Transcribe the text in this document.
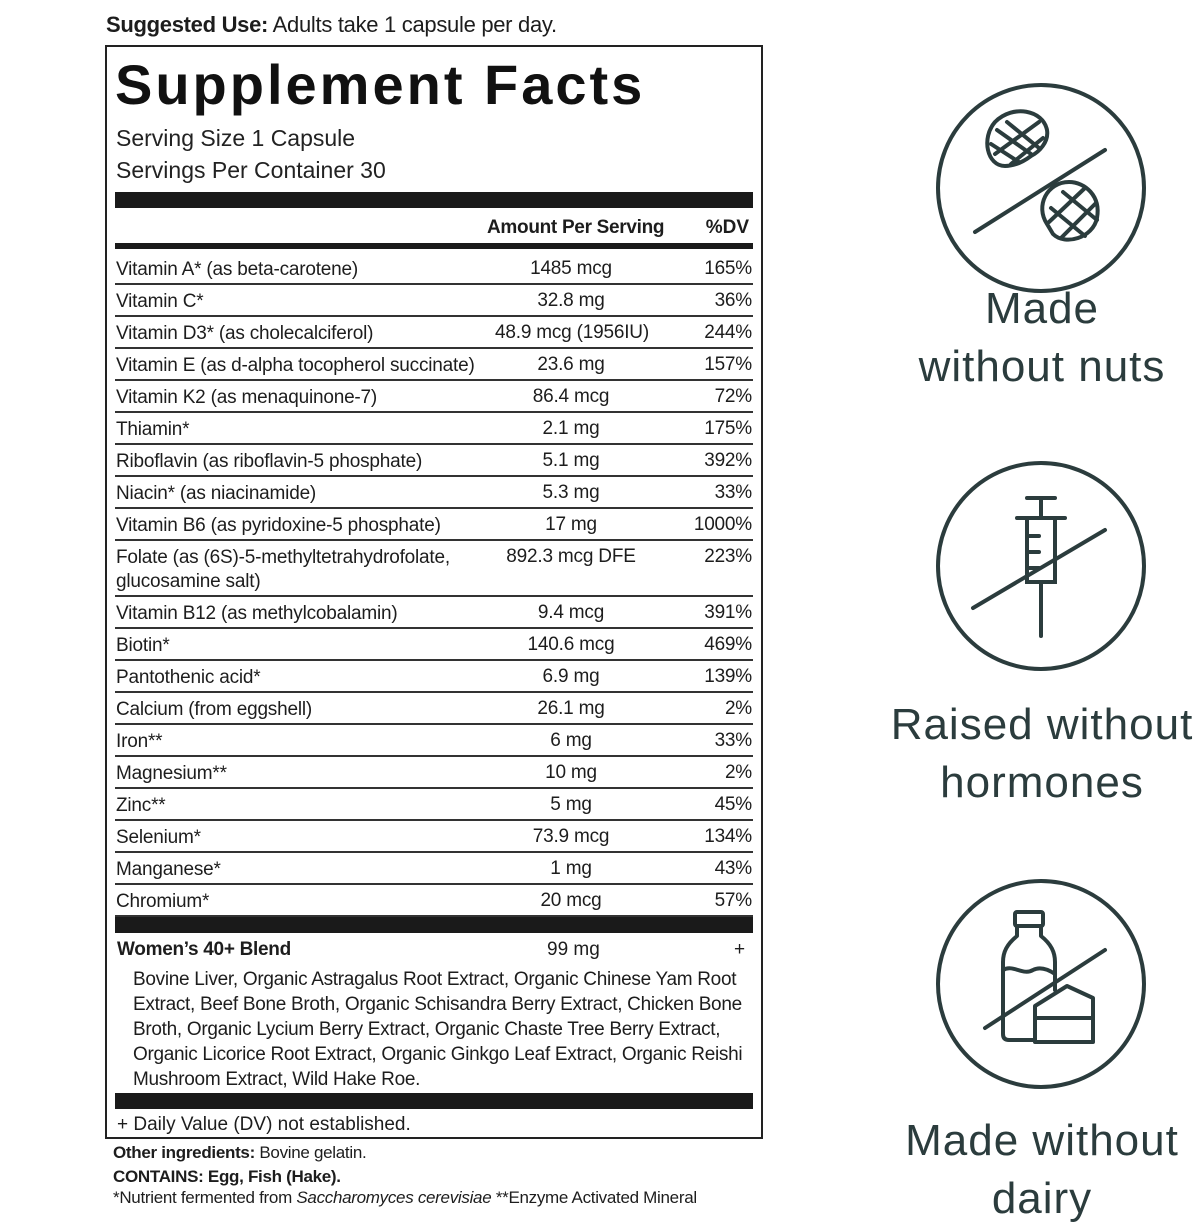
Suggested Use: Adults take 1 capsule per day.
Supplement Facts
Serving Size 1 Capsule
Servings Per Container 30
Amount Per Serving %DV
Vitamin A* (as beta-carotene)	1485 mcg	165%
Vitamin C*	32.8 mg	36%
Vitamin D3* (as cholecalciferol)	48.9 mcg (1956IU)	244%
Vitamin E (as d-alpha tocopherol succinate)	23.6 mg	157%
Vitamin K2 (as menaquinone-7)	86.4 mcg	72%
Thiamin*	2.1 mg	175%
Riboflavin (as riboflavin-5 phosphate)	5.1 mg	392%
Niacin* (as niacinamide)	5.3 mg	33%
Vitamin B6 (as pyridoxine-5 phosphate)	17 mg	1000%
Folate (as (6S)-5-methyltetrahydrofolate, glucosamine salt)
892.3 mcg DFE	223%
Vitamin B12 (as methylcobalamin)	9.4 mcg	391%
Biotin*	140.6 mcg	469%
Pantothenic acid*	6.9 mg	139%
Calcium (from eggshell)	26.1 mg	2%
Iron**	6 mg	33%
Magnesium**	10 mg	2%
Zinc**	5 mg	45%
Selenium*	73.9 mcg	134%
Manganese*	1 mg	43%
Chromium*	20 mcg	57%
Women’s 40+ Blend	99 mg	+
Bovine Liver, Organic Astragalus Root Extract, Organic Chinese Yam Root Extract, Beef Bone Broth, Organic Schisandra Berry Extract, Chicken Bone Broth, Organic Lycium Berry Extract, Organic Chaste Tree Berry Extract, Organic Licorice Root Extract, Organic Ginkgo Leaf Extract, Organic Reishi Mushroom Extract, Wild Hake Roe.
+ Daily Value (DV) not established.
Other ingredients: Bovine gelatin.
CONTAINS: Egg, Fish (Hake).
*Nutrient fermented from Saccharomyces cerevisiae **Enzyme Activated Mineral
Made
without nuts
Raised without
hormones
Made without
dairy
